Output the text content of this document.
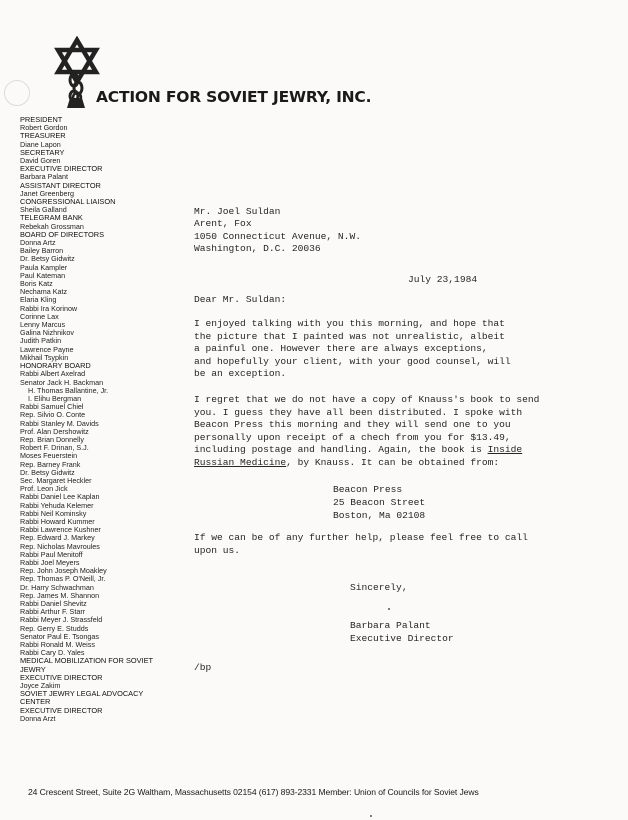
ACTION FOR SOVIET JEWRY, INC.
PRESIDENT
Robert Gordon
TREASURER
Diane Lapon
SECRETARY
David Goren
EXECUTIVE DIRECTOR
Barbara Palant
ASSISTANT DIRECTOR
Janet Greenberg
CONGRESSIONAL LIAISON
Sheila Galland
TELEGRAM BANK
Rebekah Grossman
BOARD OF DIRECTORS
Donna Artz
Bailey Barron
Dr. Betsy Gidwitz
Paula Kampler
Paul Kateman
Boris Katz
Nechama Katz
Elaria Kling
Rabbi Ira Korinow
Corinne Lax
Lenny Marcus
Galina Nizhnikov
Judith Patkin
Lawrence Payne
Mikhail Tsypkin
HONORARY BOARD
Rabbi Albert Axelrad
Senator Jack H. Backman
H. Thomas Ballantine, Jr.
I. Elihu Bergman
Rabbi Samuel Chiel
Rep. Silvio O. Conte
Rabbi Stanley M. Davids
Prof. Alan Dershowitz
Rep. Brian Donnelly
Robert F. Drinan, S.J.
Moses Feuerstein
Rep. Barney Frank
Dr. Betsy Gidwitz
Sec. Margaret Heckler
Prof. Leon Jick
Rabbi Daniel Lee Kaplan
Rabbi Yehuda Kelemer
Rabbi Neil Kominsky
Rabbi Howard Kummer
Rabbi Lawrence Kushner
Rep. Edward J. Markey
Rep. Nicholas Mavroules
Rabbi Paul Menitoff
Rabbi Joel Meyers
Rep. John Joseph Moakley
Rep. Thomas P. O'Neill, Jr.
Dr. Harry Schwachman
Rep. James M. Shannon
Rabbi Daniel Shevitz
Rabbi Arthur F. Starr
Rabbi Meyer J. Strassfeld
Rep. Gerry E. Studds
Senator Paul E. Tsongas
Rabbi Ronald M. Weiss
Rabbi Cary D. Yales
MEDICAL MOBILIZATION FOR SOVIET JEWRY
EXECUTIVE DIRECTOR
Joyce Zakim
SOVIET JEWRY LEGAL ADVOCACY CENTER
EXECUTIVE DIRECTOR
Donna Arzt
Mr. Joel Suldan
Arent, Fox
1050 Connecticut Avenue, N.W.
Washington, D.C. 20036
July 23,1984
Dear Mr. Suldan:
I enjoyed talking with you this morning, and hope that
the picture that I painted was not unrealistic, albeit
a painful one. However there are always exceptions,
and hopefully your client, with your good counsel, will
be an exception.
I regret that we do not have a copy of Knauss's book to send
you. I guess they have all been distributed. I spoke with
Beacon Press this morning and they will send one to you
personally upon receipt of a chech from you for $13.49,
including postage and handling. Again, the book is Inside
Russian Medicine, by Knauss. It can be obtained from:
Beacon Press
25 Beacon Street
Boston, Ma 02108
If we can be of any further help, please feel free to call
upon us.
Sincerely,
Barbara Palant
Executive Director
/bp
24 Crescent Street, Suite 2G Waltham, Massachusetts 02154 (617) 893-2331 Member: Union of Councils for Soviet Jews
